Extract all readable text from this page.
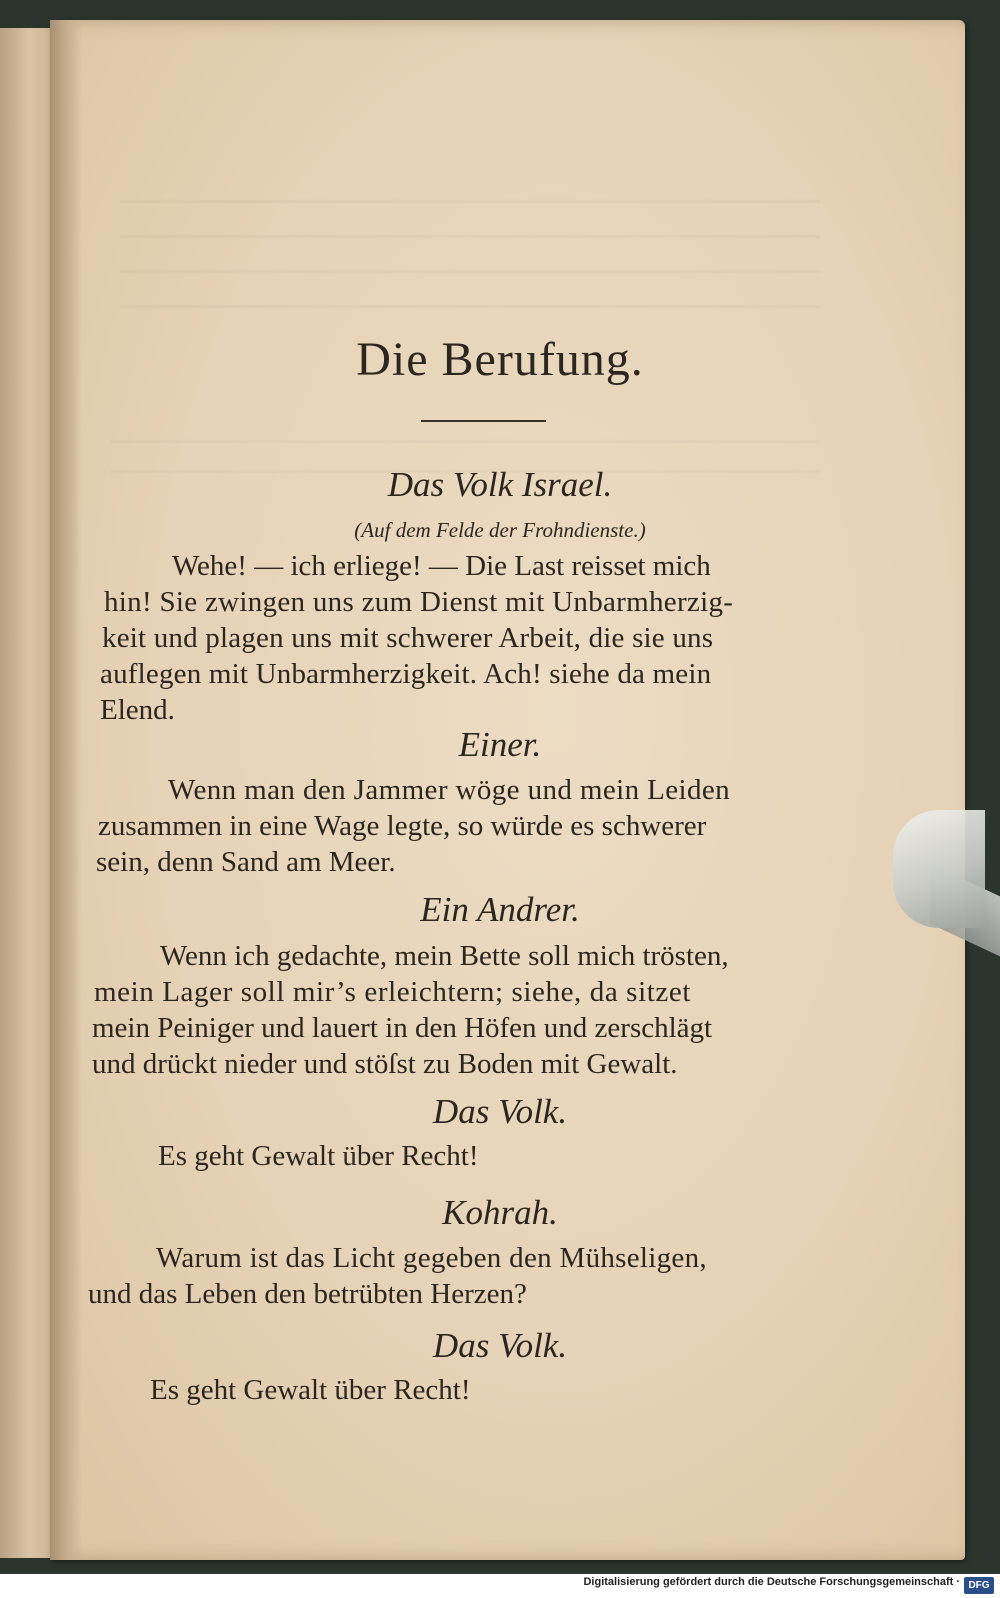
Die Berufung.
Das Volk Israel.
(Auf dem Felde der Frohndienste.)
Wehe! — ich erliege! — Die Last reisset mich
hin! Sie zwingen uns zum Dienst mit Unbarmherzig-
keit und plagen uns mit schwerer Arbeit, die sie uns
auflegen mit Unbarmherzigkeit. Ach! siehe da mein
Elend.
Einer.
Wenn man den Jammer wöge und mein Leiden
zusammen in eine Wage legte, so würde es schwerer
sein, denn Sand am Meer.
Ein Andrer.
Wenn ich gedachte, mein Bette soll mich trösten,
mein Lager soll mir’s erleichtern; siehe, da sitzet
mein Peiniger und lauert in den Höfen und zerschlägt
und drückt nieder und stöſst zu Boden mit Gewalt.
Das Volk.
Es geht Gewalt über Recht!
Kohrah.
Warum ist das Licht gegeben den Mühseligen,
und das Leben den betrübten Herzen?
Das Volk.
Es geht Gewalt über Recht!
Digitalisierung gefördert durch die Deutsche Forschungsgemeinschaft · DFG
